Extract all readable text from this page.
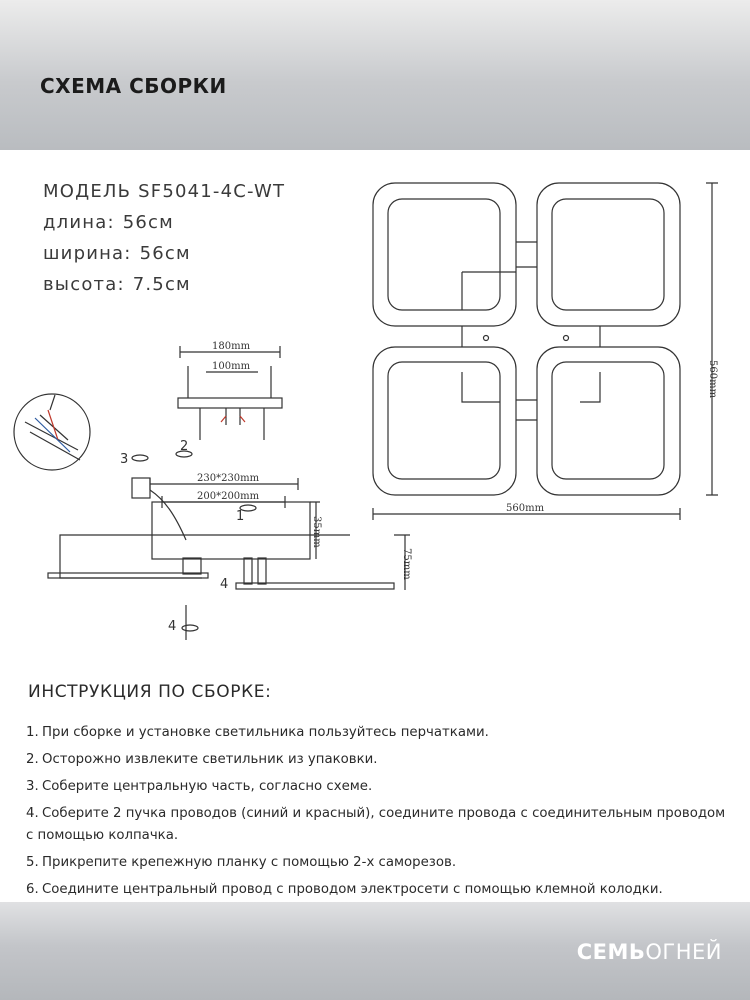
СХЕМА СБОРКИ
МОДЕЛЬ SF5041-4C-WT
длина: 56см
ширина: 56см
высота: 7.5см
180mm
100mm
230*230mm
200*200mm
560mm
560mm
35mm
75mm
2
3
1
4
4
ИНСТРУКЦИЯ ПО СБОРКЕ:
1. При сборке и установке светильника пользуйтесь перчатками.
2. Осторожно извлеките светильник из упаковки.
3. Соберите центральную часть, согласно схеме.
4. Соберите 2 пучка проводов (синий и красный), соедините провода с соединительным проводом с помощью колпачка.
5. Прикрепите крепежную планку с помощью 2-х саморезов.
6. Соедините центральный провод с проводом электросети с помощью клемной колодки.
СЕМЬОГНЕЙ
